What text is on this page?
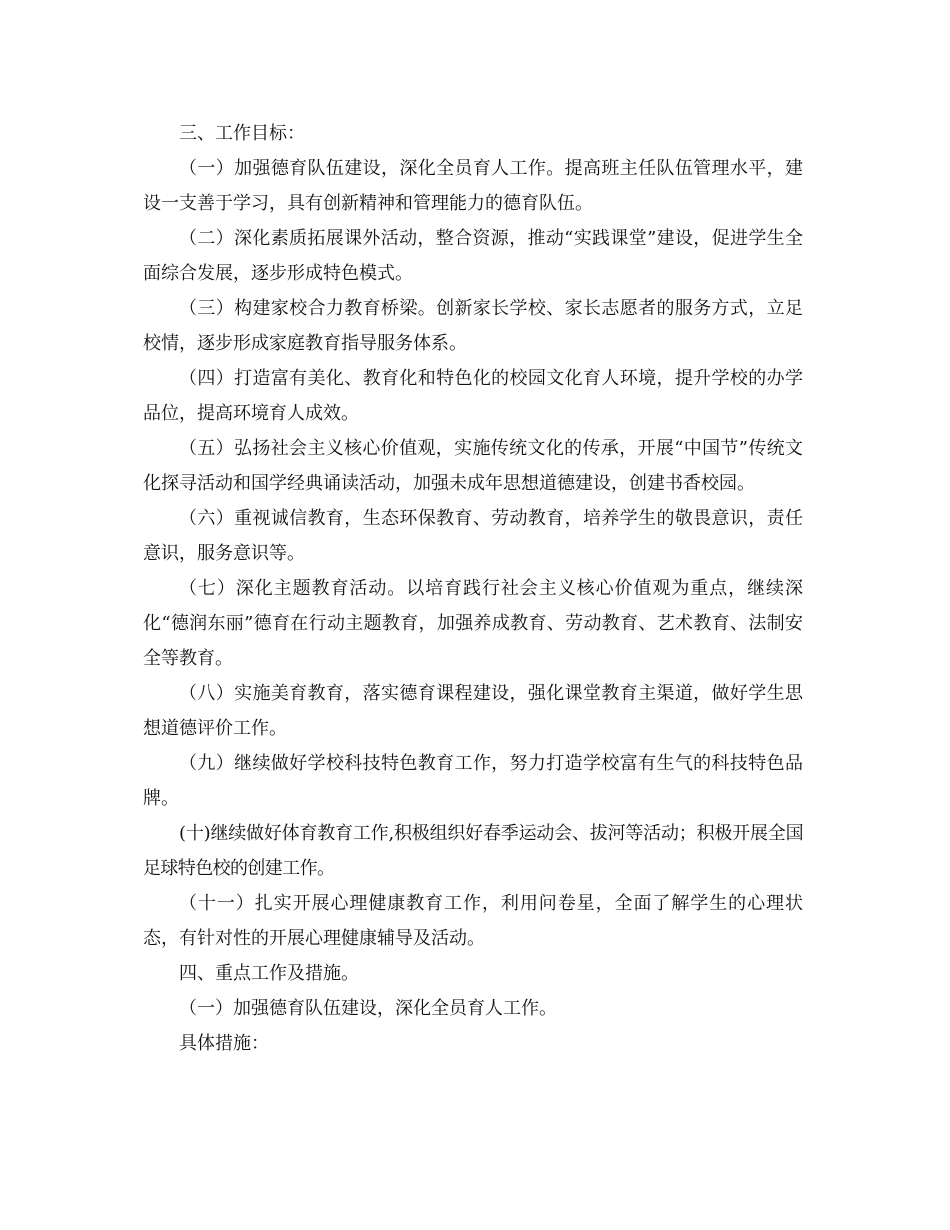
三、工作目标：

（一）加强德育队伍建设，深化全员育人工作。提高班主任队伍管理水平，建设一支善于学习，具有创新精神和管理能力的德育队伍。

（二）深化素质拓展课外活动，整合资源，推动“实践课堂”建设，促进学生全面综合发展，逐步形成特色模式。

（三）构建家校合力教育桥梁。创新家长学校、家长志愿者的服务方式，立足校情，逐步形成家庭教育指导服务体系。

（四）打造富有美化、教育化和特色化的校园文化育人环境，提升学校的办学品位，提高环境育人成效。

（五）弘扬社会主义核心价值观，实施传统文化的传承，开展“中国节”传统文化探寻活动和国学经典诵读活动，加强未成年思想道德建设，创建书香校园。

（六）重视诚信教育，生态环保教育、劳动教育，培养学生的敬畏意识，责任意识，服务意识等。

（七）深化主题教育活动。以培育践行社会主义核心价值观为重点，继续深化“德润东丽”德育在行动主题教育，加强养成教育、劳动教育、艺术教育、法制安全等教育。

（八）实施美育教育，落实德育课程建设，强化课堂教育主渠道，做好学生思想道德评价工作。

（九）继续做好学校科技特色教育工作，努力打造学校富有生气的科技特色品牌。

(十)继续做好体育教育工作,积极组织好春季运动会、拔河等活动；积极开展全国足球特色校的创建工作。

（十一）扎实开展心理健康教育工作，利用问卷星，全面了解学生的心理状态，有针对性的开展心理健康辅导及活动。

四、重点工作及措施。

（一）加强德育队伍建设，深化全员育人工作。

具体措施：
